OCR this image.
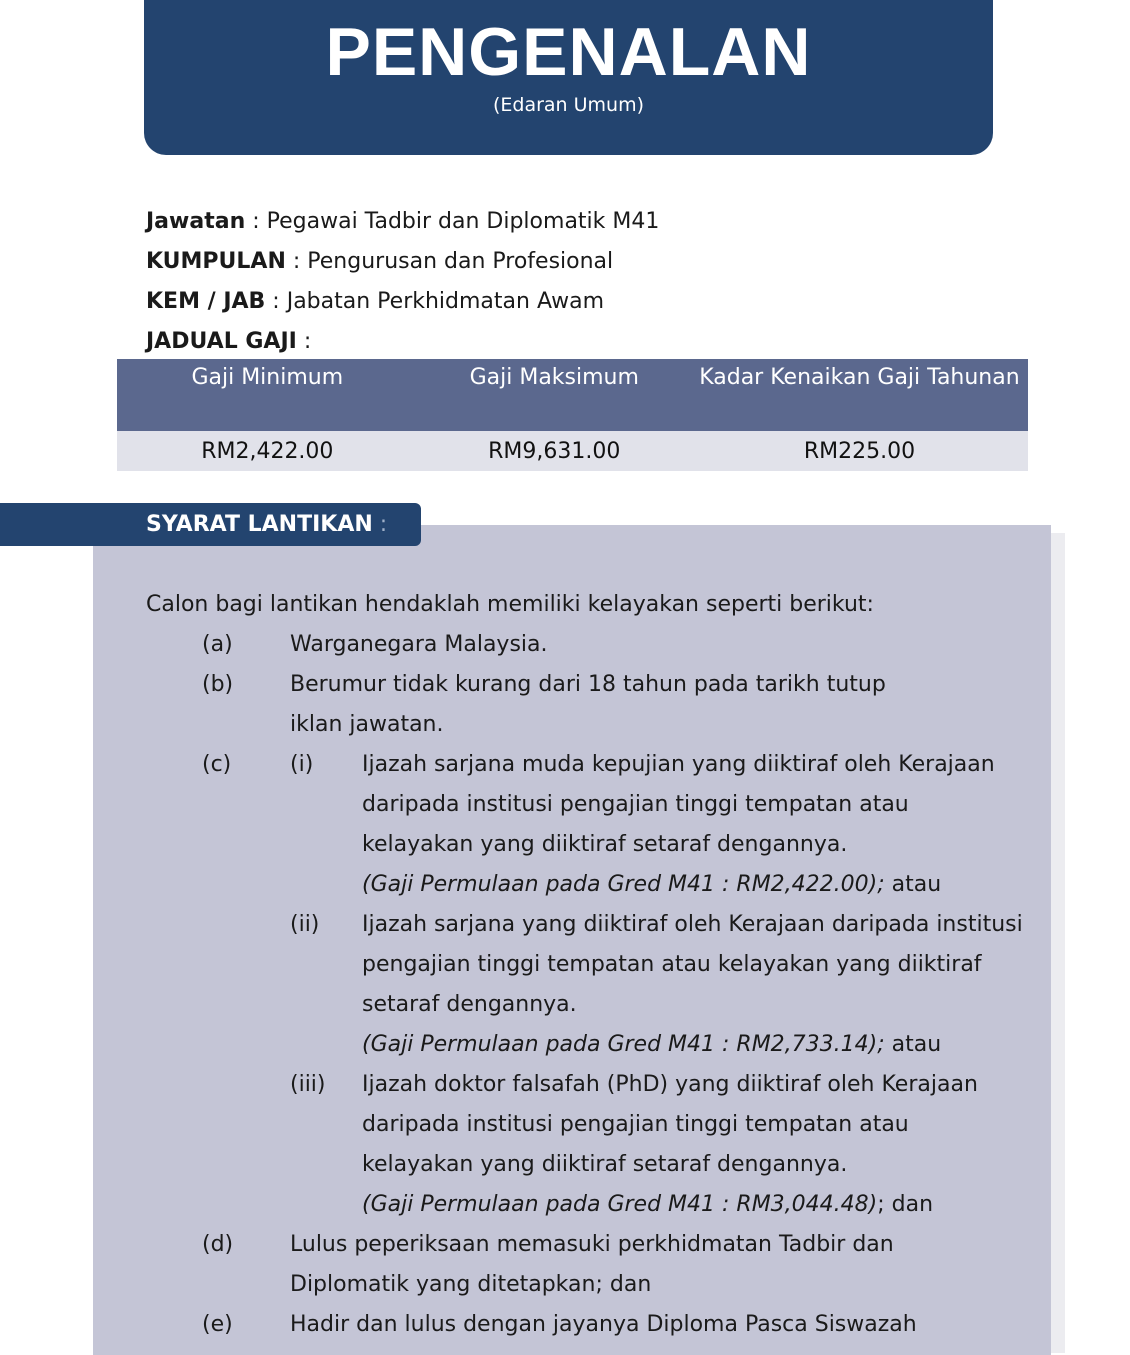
PENGENALAN
(Edaran Umum)
Jawatan : Pegawai Tadbir dan Diplomatik M41
KUMPULAN : Pengurusan dan Profesional
KEM / JAB : Jabatan Perkhidmatan Awam
JADUAL GAJI :
Gaji Minimum	Gaji Maksimum	Kadar Kenaikan Gaji Tahunan
RM2,422.00	RM9,631.00	RM225.00
SYARAT LANTIKAN :
Calon bagi lantikan hendaklah memiliki kelayakan seperti berikut:
(a)	Warganegara Malaysia.
(b)	Berumur tidak kurang dari 18 tahun pada tarikh tutup
iklan jawatan.
(c)	(i) Ijazah sarjana muda kepujian yang diiktiraf oleh Kerajaan
daripada institusi pengajian tinggi tempatan atau
kelayakan yang diiktiraf setaraf dengannya.
(Gaji Permulaan pada Gred M41 : RM2,422.00); atau
(ii) Ijazah sarjana yang diiktiraf oleh Kerajaan daripada institusi
pengajian tinggi tempatan atau kelayakan yang diiktiraf
setaraf dengannya.
(Gaji Permulaan pada Gred M41 : RM2,733.14); atau
(iii) Ijazah doktor falsafah (PhD) yang diiktiraf oleh Kerajaan
daripada institusi pengajian tinggi tempatan atau
kelayakan yang diiktiraf setaraf dengannya.
(Gaji Permulaan pada Gred M41 : RM3,044.48); dan
(d)	Lulus peperiksaan memasuki perkhidmatan Tadbir dan
Diplomatik yang ditetapkan; dan
(e)	Hadir dan lulus dengan jayanya Diploma Pasca Siswazah
